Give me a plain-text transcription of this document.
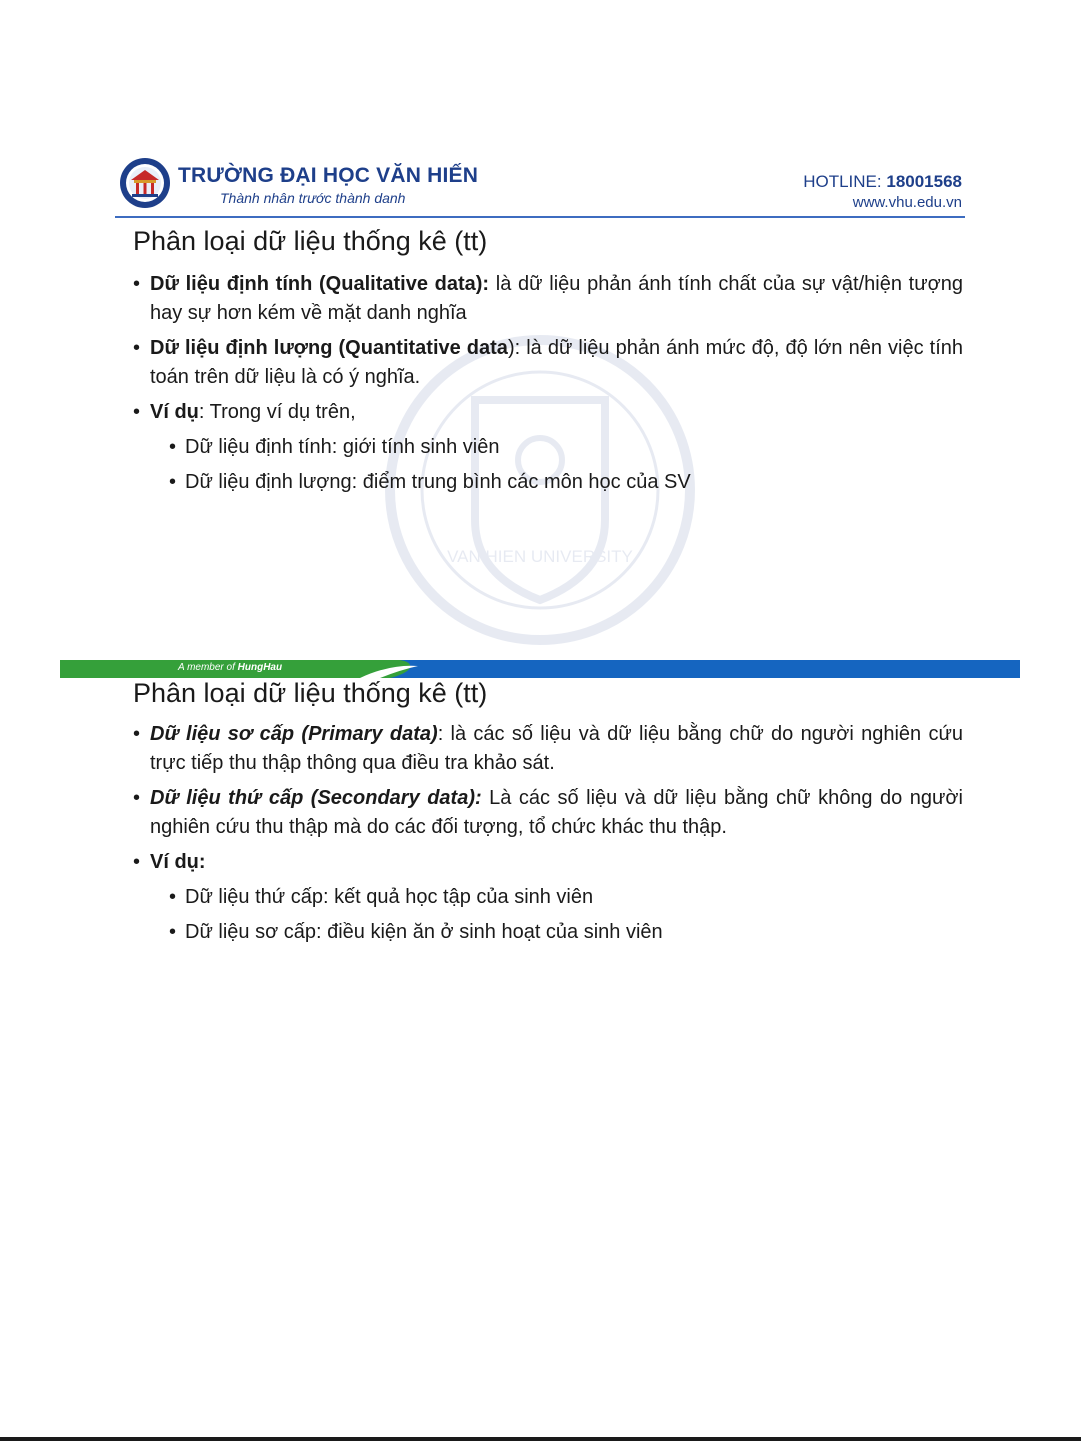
VAN HIEN UNIVERSITY
TRƯỜNG ĐẠI HỌC VĂN HIẾN
Thành nhân trước thành danh
HOTLINE: 18001568
www.vhu.edu.vn
Phân loại dữ liệu thống kê (tt)
• Dữ liệu định tính (Qualitative data): là dữ liệu phản ánh tính chất của sự vật/hiện tượng hay sự hơn kém về mặt danh nghĩa
• Dữ liệu định lượng (Quantitative data): là dữ liệu phản ánh mức độ, độ lớn nên việc tính toán trên dữ liệu là có ý nghĩa.
• Ví dụ: Trong ví dụ trên,
• Dữ liệu định tính: giới tính sinh viên
• Dữ liệu định lượng: điểm trung bình các môn học của SV
A member of HungHau
Phân loại dữ liệu thống kê (tt)
• Dữ liệu sơ cấp (Primary data): là các số liệu và dữ liệu bằng chữ do người nghiên cứu trực tiếp thu thập thông qua điều tra khảo sát.
• Dữ liệu thứ cấp (Secondary data): Là các số liệu và dữ liệu bằng chữ không do người nghiên cứu thu thập mà do các đối tượng, tổ chức khác thu thập.
• Ví dụ:
• Dữ liệu thứ cấp: kết quả học tập của sinh viên
• Dữ liệu sơ cấp: điều kiện ăn ở sinh hoạt của sinh viên
